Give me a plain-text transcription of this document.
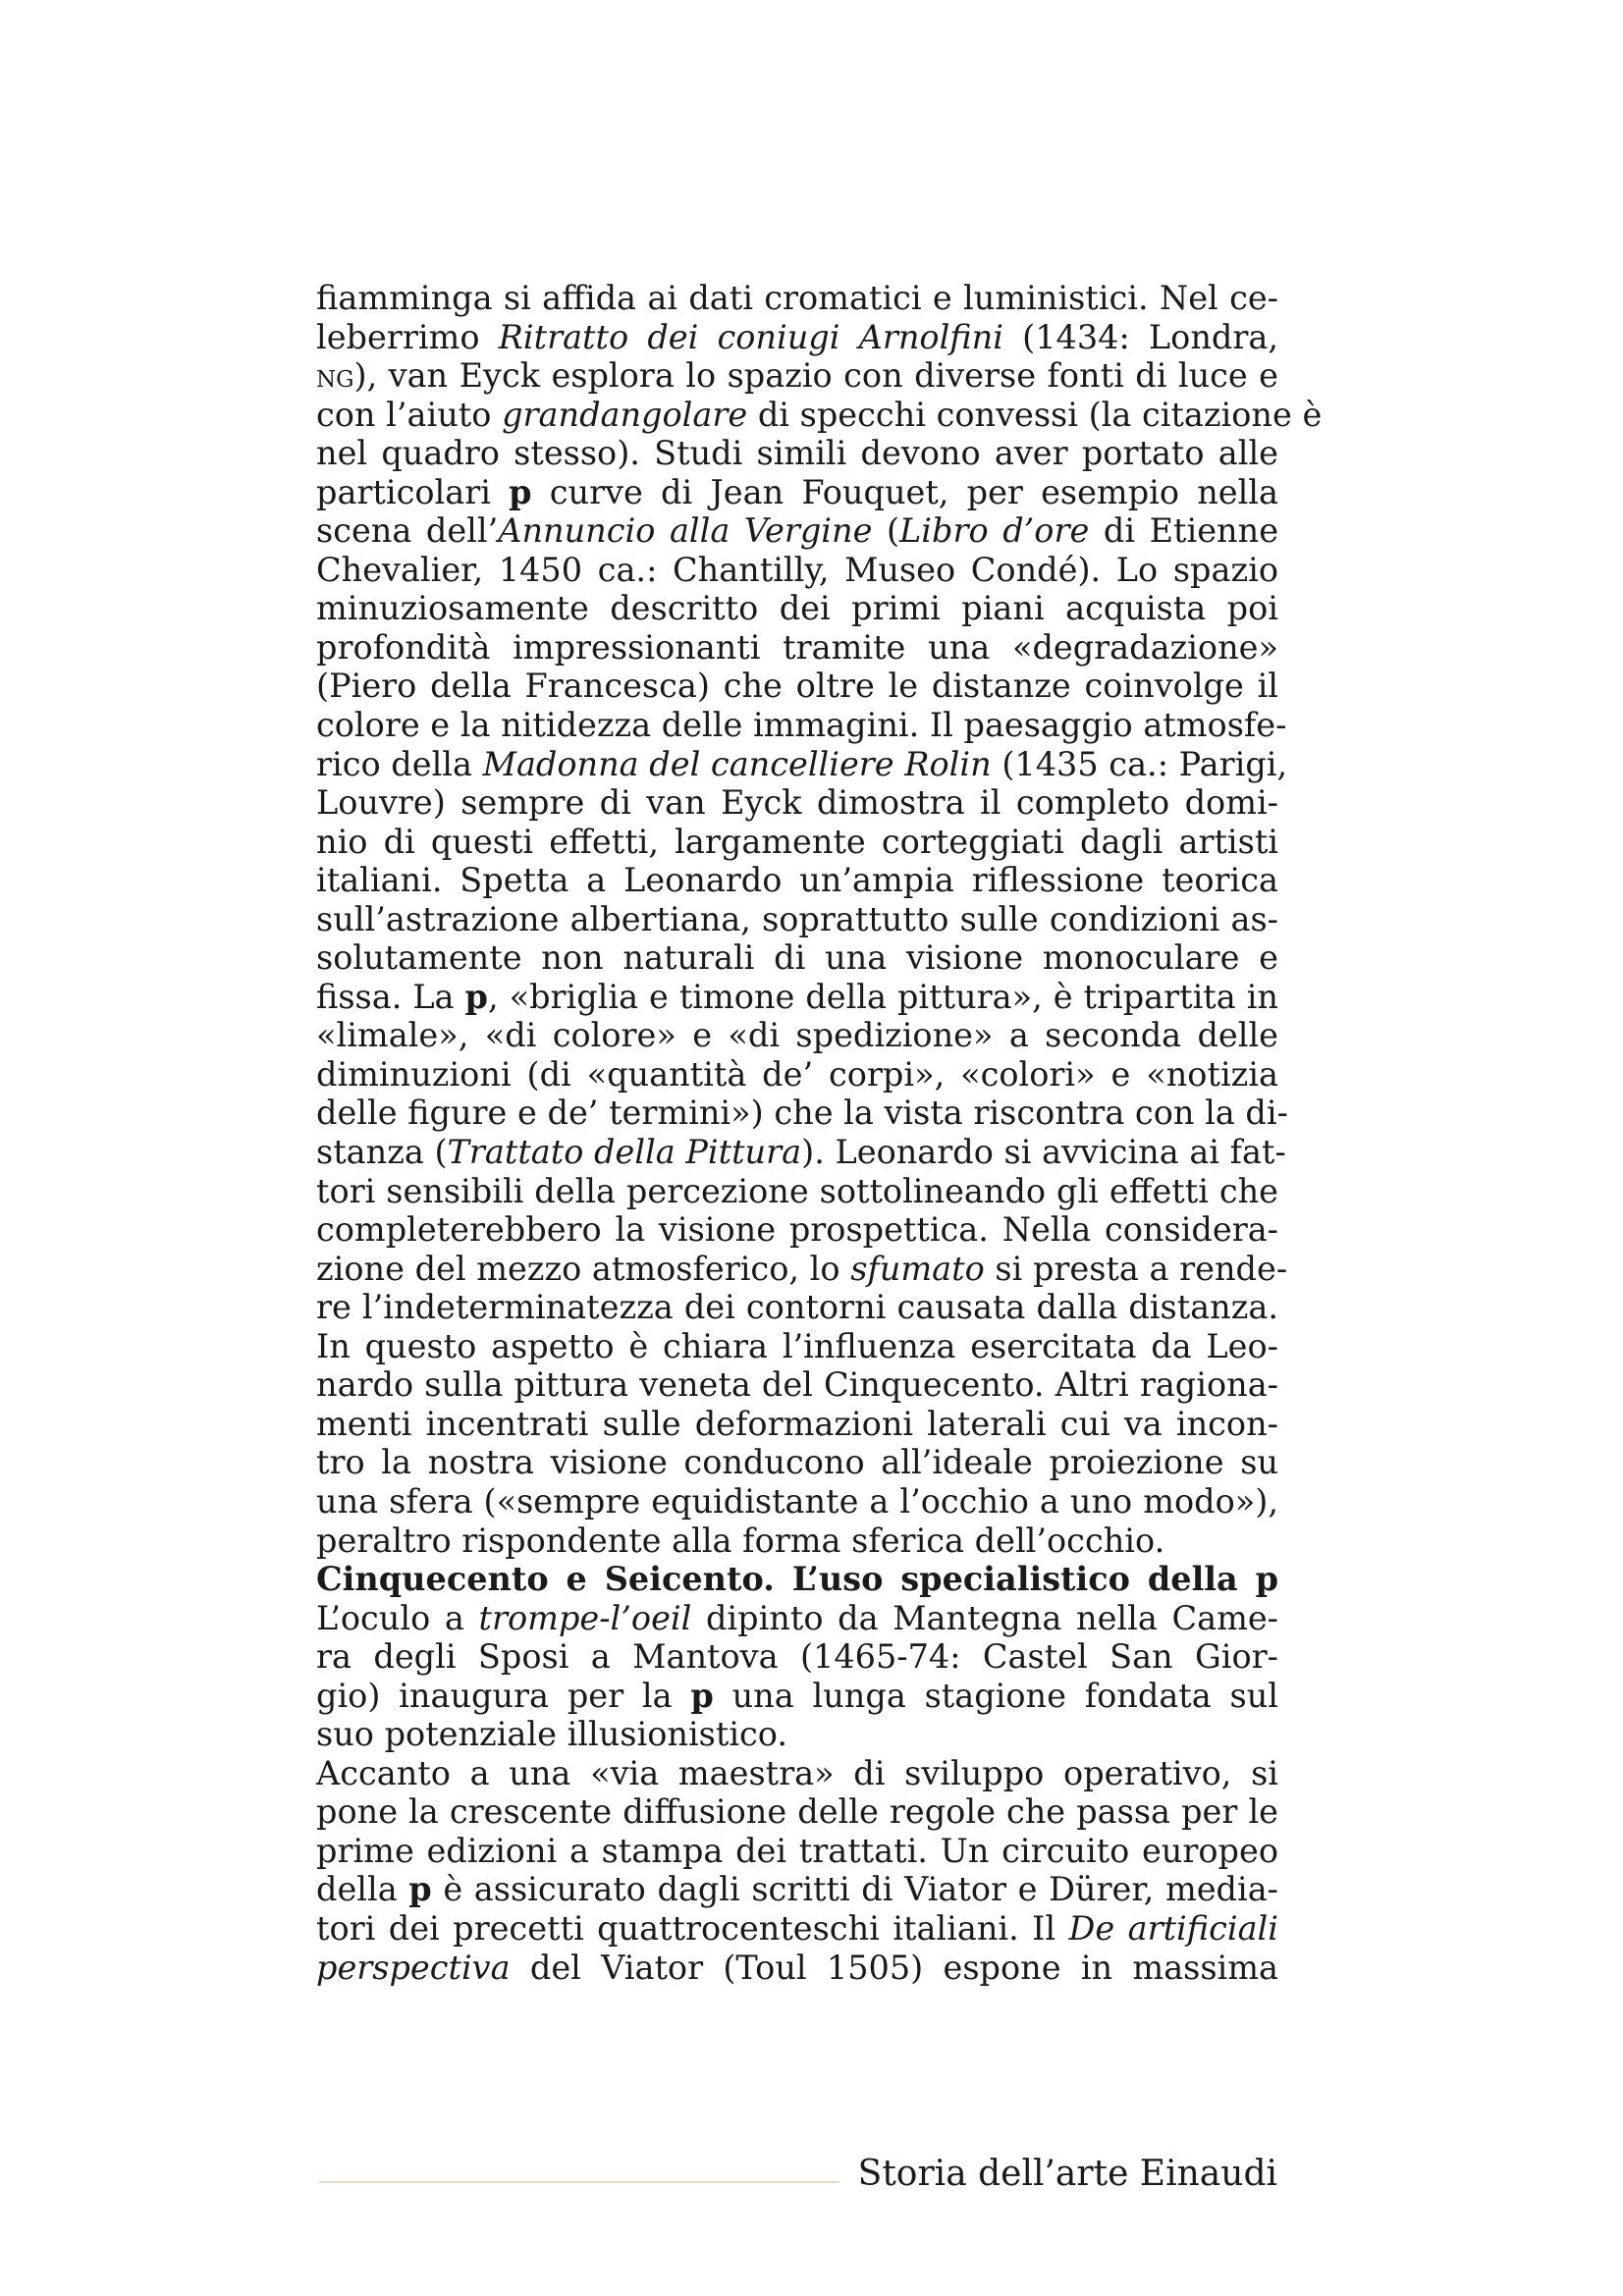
fiamminga si affida ai dati cromatici e luministici. Nel ce-
leberrimo Ritratto dei coniugi Arnolfini (1434: Londra,
ng), van Eyck esplora lo spazio con diverse fonti di luce e
con l’aiuto grandangolare di specchi convessi (la citazione è
nel quadro stesso). Studi simili devono aver portato alle
particolari p curve di Jean Fouquet, per esempio nella
scena dell’Annuncio alla Vergine (Libro d’ore di Etienne
Chevalier, 1450 ca.: Chantilly, Museo Condé). Lo spazio
minuziosamente descritto dei primi piani acquista poi
profondità impressionanti tramite una «degradazione»
(Piero della Francesca) che oltre le distanze coinvolge il
colore e la nitidezza delle immagini. Il paesaggio atmosfe-
rico della Madonna del cancelliere Rolin (1435 ca.: Parigi,
Louvre) sempre di van Eyck dimostra il completo domi-
nio di questi effetti, largamente corteggiati dagli artisti
italiani. Spetta a Leonardo un’ampia riflessione teorica
sull’astrazione albertiana, soprattutto sulle condizioni as-
solutamente non naturali di una visione monoculare e
fissa. La p, «briglia e timone della pittura», è tripartita in
«limale», «di colore» e «di spedizione» a seconda delle
diminuzioni (di «quantità de’ corpi», «colori» e «notizia
delle figure e de’ termini») che la vista riscontra con la di-
stanza (Trattato della Pittura). Leonardo si avvicina ai fat-
tori sensibili della percezione sottolineando gli effetti che
completerebbero la visione prospettica. Nella considera-
zione del mezzo atmosferico, lo sfumato si presta a rende-
re l’indeterminatezza dei contorni causata dalla distanza.
In questo aspetto è chiara l’influenza esercitata da Leo-
nardo sulla pittura veneta del Cinquecento. Altri ragiona-
menti incentrati sulle deformazioni laterali cui va incon-
tro la nostra visione conducono all’ideale proiezione su
una sfera («sempre equidistante a l’occhio a uno modo»),
peraltro rispondente alla forma sferica dell’occhio.
Cinquecento e Seicento. L’uso specialistico della p
L’oculo a trompe-l’oeil dipinto da Mantegna nella Came-
ra degli Sposi a Mantova (1465-74: Castel San Gior-
gio) inaugura per la p una lunga stagione fondata sul
suo potenziale illusionistico.
Accanto a una «via maestra» di sviluppo operativo, si
pone la crescente diffusione delle regole che passa per le
prime edizioni a stampa dei trattati. Un circuito europeo
della p è assicurato dagli scritti di Viator e Dürer, media-
tori dei precetti quattrocenteschi italiani. Il De artificiali
perspectiva del Viator (Toul 1505) espone in massima
Storia dell’arte Einaudi
